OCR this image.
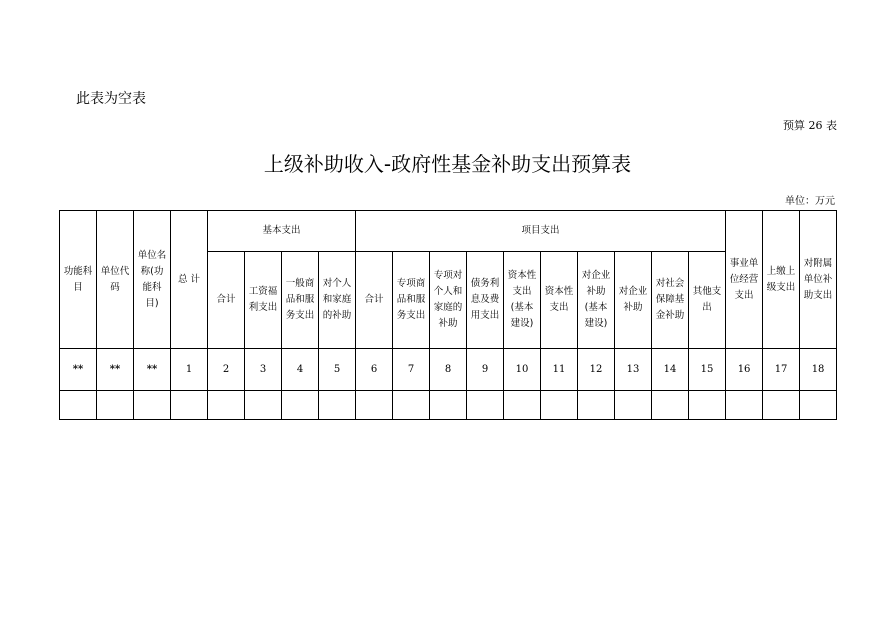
此表为空表
预算 26 表
上级补助收入-政府性基金补助支出预算表
单位：万元
功能科目	单位代码	单位名称(功能科目)	总 计	基本支出				项目支出										事业单位经营支出	上缴上级支出	对附属单位补助支出
				合计	工资福利支出	一般商品和服务支出	对个人和家庭的补助	合计	专项商品和服务支出	专项对个人和家庭的补助	债务利息及费用支出	资本性支出(基本建设)	资本性支出	对企业补助(基本建设)	对企业补助	对社会保障基金补助	其他支出			
**	**	**	1	2	3	4	5	6	7	8	9	10	11	12	13	14	15	16	17	18
